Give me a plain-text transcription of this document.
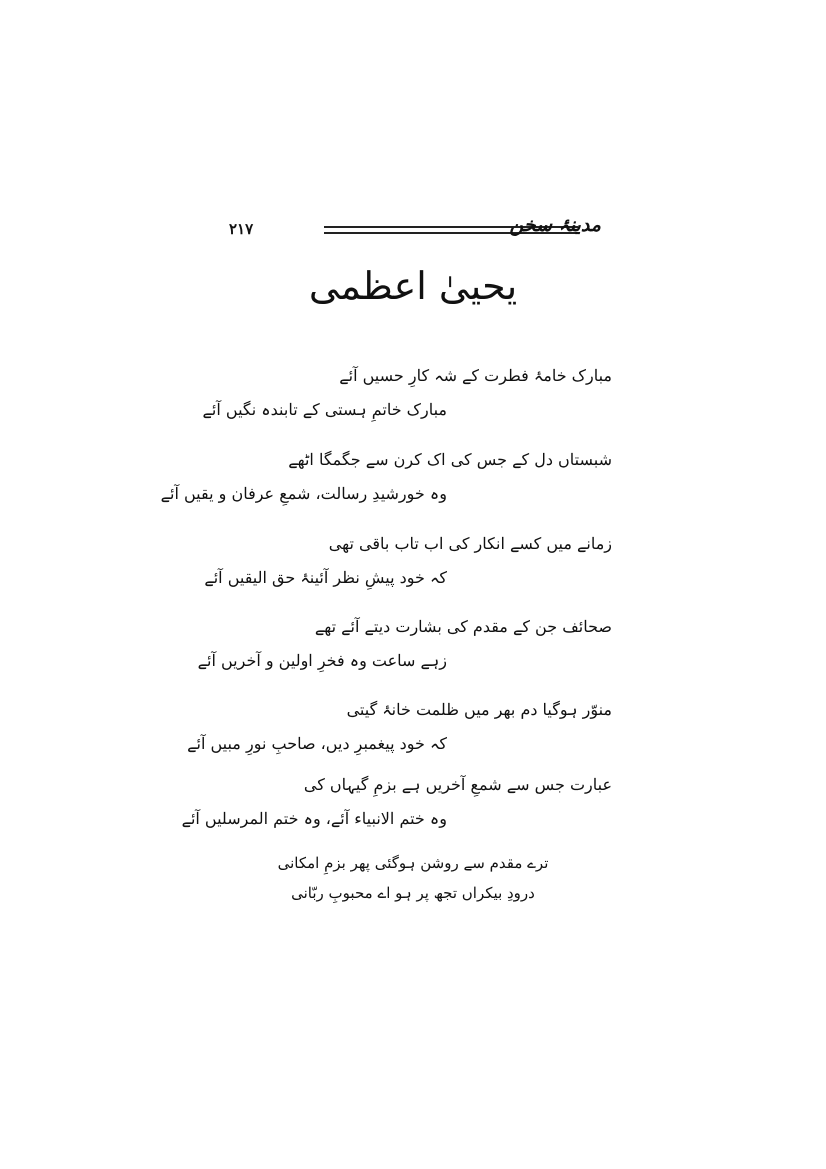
۲۱۷	مدینۂ سخن
یحییٰ اعظمی
مبارک خامۂ فطرت کے شہ کارِ حسیں آئے
مبارک خاتمِ ہستی کے تابندہ نگیں آئے
شبستاں دل کے جس کی اک کرن سے جگمگا اٹھے
وہ خورشیدِ رسالت، شمعِ عرفان و یقیں آئے
زمانے میں کسے انکار کی اب تاب باقی تھی
کہ خود پیشِ نظر آئینۂ حق الیقیں آئے
صحائف جن کے مقدم کی بشارت دیتے آئے تھے
زہے ساعت وہ فخرِ اولین و آخریں آئے
منوّر ہوگیا دم بھر میں ظلمت خانۂ گیتی
کہ خود پیغمبرِ دیں، صاحبِ نورِ مبیں آئے
عبارت جس سے شمعِ آخریں ہے بزمِ گیہاں کی
وہ ختم الانبیاء آئے، وہ ختم المرسلیں آئے
ترے مقدم سے روشن ہوگئی پھر بزمِ امکانی
درودِ بیکراں تجھ پر ہو اے محبوبِ ربّانی
